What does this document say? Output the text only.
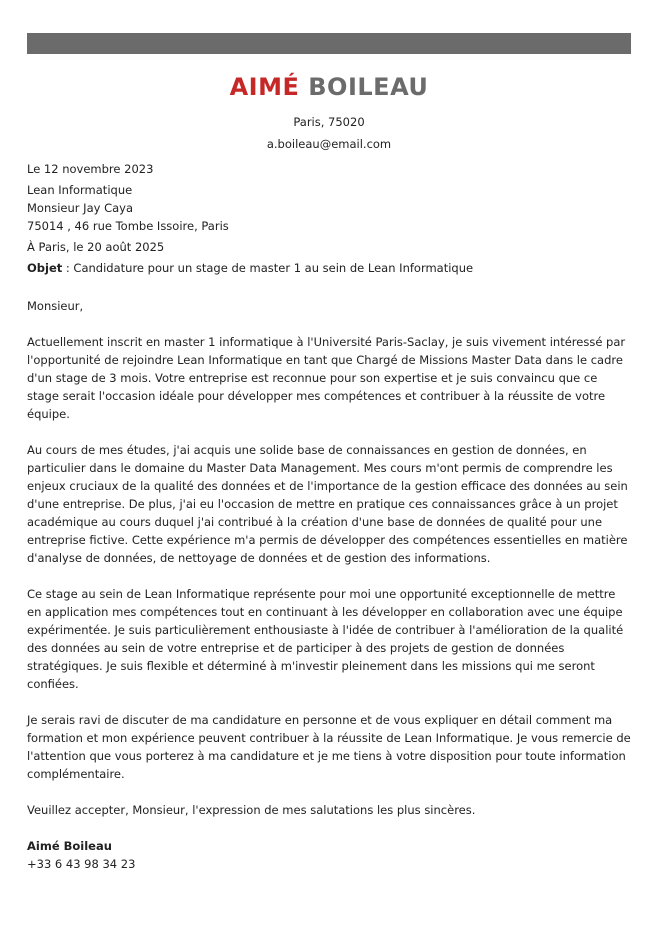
AIMÉ BOILEAU
Paris, 75020
a.boileau@email.com
Le 12 novembre 2023
Lean Informatique
Monsieur Jay Caya
75014 , 46 rue Tombe Issoire, Paris
À Paris, le 20 août 2025
Objet : Candidature pour un stage de master 1 au sein de Lean Informatique

Monsieur,

Actuellement inscrit en master 1 informatique à l'Université Paris-Saclay, je suis vivement intéressé par l'opportunité de rejoindre Lean Informatique en tant que Chargé de Missions Master Data dans le cadre d'un stage de 3 mois. Votre entreprise est reconnue pour son expertise et je suis convaincu que ce stage serait l'occasion idéale pour développer mes compétences et contribuer à la réussite de votre équipe.

Au cours de mes études, j'ai acquis une solide base de connaissances en gestion de données, en particulier dans le domaine du Master Data Management. Mes cours m'ont permis de comprendre les enjeux cruciaux de la qualité des données et de l'importance de la gestion efficace des données au sein d'une entreprise. De plus, j'ai eu l'occasion de mettre en pratique ces connaissances grâce à un projet académique au cours duquel j'ai contribué à la création d'une base de données de qualité pour une entreprise fictive. Cette expérience m'a permis de développer des compétences essentielles en matière d'analyse de données, de nettoyage de données et de gestion des informations.

Ce stage au sein de Lean Informatique représente pour moi une opportunité exceptionnelle de mettre en application mes compétences tout en continuant à les développer en collaboration avec une équipe expérimentée. Je suis particulièrement enthousiaste à l'idée de contribuer à l'amélioration de la qualité des données au sein de votre entreprise et de participer à des projets de gestion de données stratégiques. Je suis flexible et déterminé à m'investir pleinement dans les missions qui me seront confiées.

Je serais ravi de discuter de ma candidature en personne et de vous expliquer en détail comment ma formation et mon expérience peuvent contribuer à la réussite de Lean Informatique. Je vous remercie de l'attention que vous porterez à ma candidature et je me tiens à votre disposition pour toute information complémentaire.

Veuillez accepter, Monsieur, l'expression de mes salutations les plus sincères.

Aimé Boileau
+33 6 43 98 34 23
